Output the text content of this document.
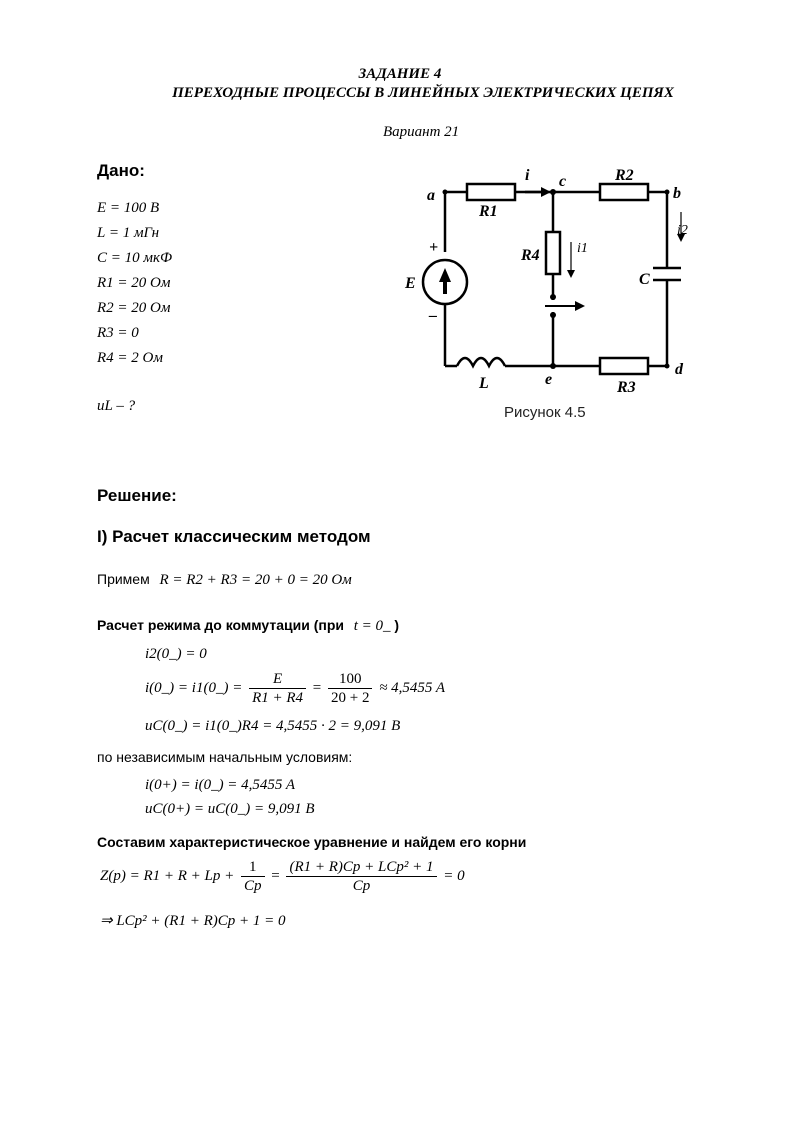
ЗАДАНИЕ 4
ПЕРЕХОДНЫЕ ПРОЦЕССЫ В ЛИНЕЙНЫХ ЭЛЕКТРИЧЕСКИХ ЦЕПЯХ
Вариант 21
Дано:
E = 100 В
L = 1 мГн
C = 10 мкФ
R1 = 20 Ом
R2 = 20 Ом
R3 = 0
R4 = 2 Ом
uL – ?
a
c
b
d
e
R1
R2
R3
R4
E
L
C
i
+
–
i1
i2
Рисунок 4.5
Решение:
I) Расчет классическим методом
Примем R = R2 + R3 = 20 + 0 = 20 Ом
Расчет режима до коммутации (при t = 0_ )
i2(0_) = 0
i(0_) = i1(0_) = $\frac{E}{R1 + R4} = \frac{100}{20 + 2} \approx 4,5455$ A
uC(0_) = i1(0_)R4 = 4,5455 · 2 = 9,091 B
по независимым начальным условиям:
i(0+) = i(0_) = 4,5455 A
uC(0+) = uC(0_) = 9,091 B
Составим характеристическое уравнение и найдем его корни
$Z(p) = R1 + R + Lp + \frac{1}{Cp} = \frac{\text{(R1 + R)Cp + LCp² + 1}}{Cp} = 0$
⇒ LCp² + (R1 + R)Cp + 1 = 0
